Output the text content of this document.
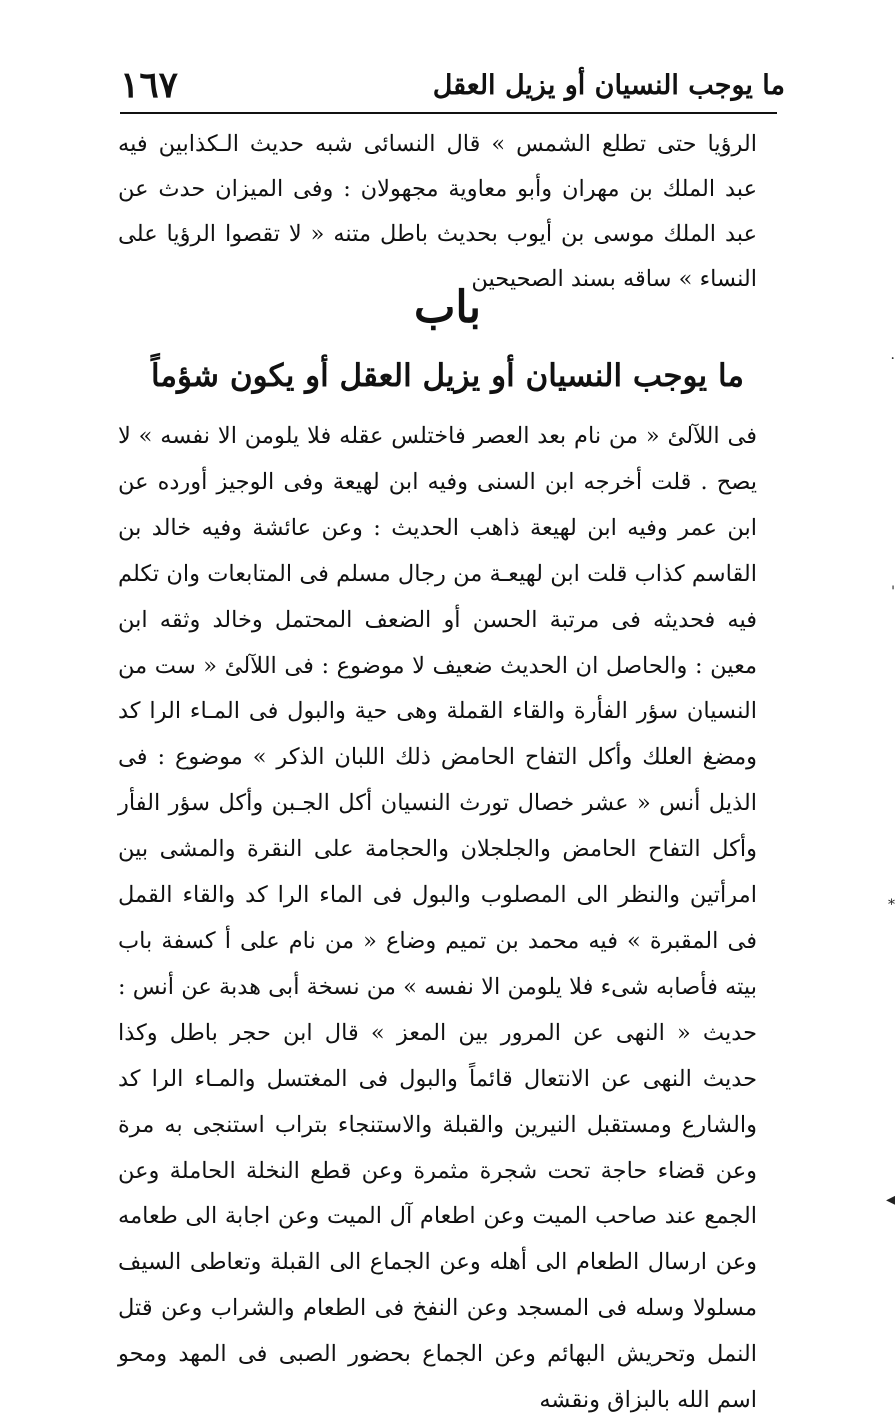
ما يوجب النسيان أو يزيل العقل
١٦٧

الرؤيا حتى تطلع الشمس » قال النسائى شبه حديث الـكذابين فيه عبد الملك بن مهران وأبو معاوية مجهولان : وفى الميزان حدث عن عبد الملك موسى بن أيوب بحديث باطل متنه « لا تقصوا الرؤيا على النساء » ساقه بسند الصحيحين

باب
ما يوجب النسيان أو يزيل العقل أو يكون شؤماً

فى اللآلئ « من نام بعد العصر فاختلس عقله فلا يلومن الا نفسه » لا يصح . قلت أخرجه ابن السنى وفيه ابن لهيعة وفى الوجيز أورده عن ابن عمر وفيه ابن لهيعة ذاهب الحديث : وعن عائشة وفيه خالد بن القاسم كذاب قلت ابن لهيعـة من رجال مسلم فى المتابعات وان تكلم فيه فحديثه فى مرتبة الحسن أو الضعف المحتمل وخالد وثقه ابن معين : والحاصل ان الحديث ضعيف لا موضوع : فى اللآلئ « ست من النسيان سؤر الفأرة والقاء القملة وهى حية والبول فى المـاء الرا كد ومضغ العلك وأكل التفاح الحامض ذلك اللبان الذكر » موضوع : فى الذيل أنس « عشر خصال تورث النسيان أكل الجـبن وأكل سؤر الفأر وأكل التفاح الحامض والجلجلان والحجامة على النقرة والمشى بين امرأتين والنظر الى المصلوب والبول فى الماء الرا كد والقاء القمل فى المقبرة » فيه محمد بن تميم وضاع « من نام على أ كسفة باب بيته فأصابه شىء فلا يلومن الا نفسه » من نسخة أبى هدبة عن أنس : حديث « النهى عن المرور بين المعز » قال ابن حجر باطل وكذا حديث النهى عن الانتعال قائماً والبول فى المغتسل والمـاء الرا كد والشارع ومستقبل النيرين والقبلة والاستنجاء بتراب استنجى به مرة وعن قضاء حاجة تحت شجرة مثمرة وعن قطع النخلة الحاملة وعن الجمع عند صاحب الميت وعن اطعام آل الميت وعن اجابة الى طعامه وعن ارسال الطعام الى أهله وعن الجماع الى القبلة وتعاطى السيف مسلولا وسله فى المسجد وعن النفخ فى الطعام والشراب وعن قتل النمل وتحريش البهائم وعن الجماع بحضور الصبى فى المهد ومحو اسم الله بالبزاق ونقشه

·
'
*
◂
